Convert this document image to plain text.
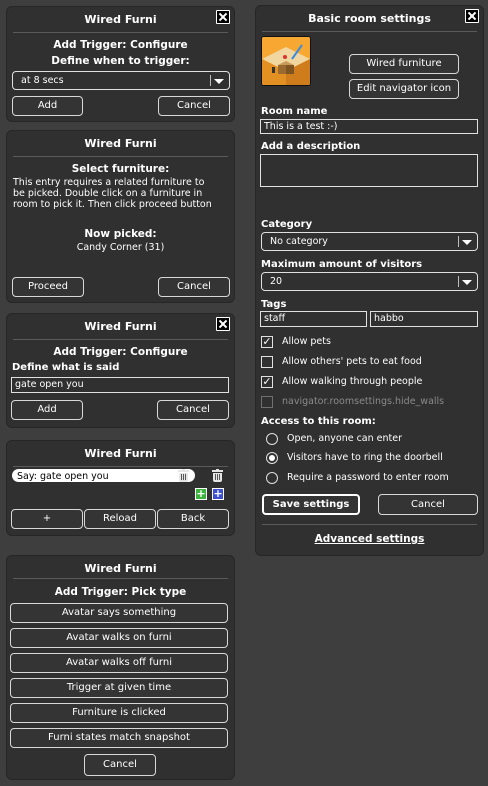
Wired Furni
Add Trigger: Configure
Define when to trigger:
at 8 secs
Add	Cancel
Wired Furni
Select furniture:
This entry requires a related furniture to
be picked. Double click on a furniture in
room to pick it. Then click proceed button
Now picked:
Candy Corner (31)
Proceed	Cancel
Wired Furni
Add Trigger: Configure
Define what is said
gate open you
Add	Cancel
Wired Furni
Say: gate open you
+ +
+	Reload	Back
Wired Furni
Add Trigger: Pick type
Avatar says something
Avatar walks on furni
Avatar walks off furni
Trigger at given time
Furniture is clicked
Furni states match snapshot
Cancel
Basic room settings
Wired furniture
Edit navigator icon
Room name
This is a test :-)
Add a description
Category
No category
Maximum amount of visitors
20
Tags
staff	habbo
✓ Allow pets
Allow others' pets to eat food
✓ Allow walking through people
navigator.roomsettings.hide_walls
Access to this room:
Open, anyone can enter
Visitors have to ring the doorbell
Require a password to enter room
Save settings	Cancel
Advanced settings
